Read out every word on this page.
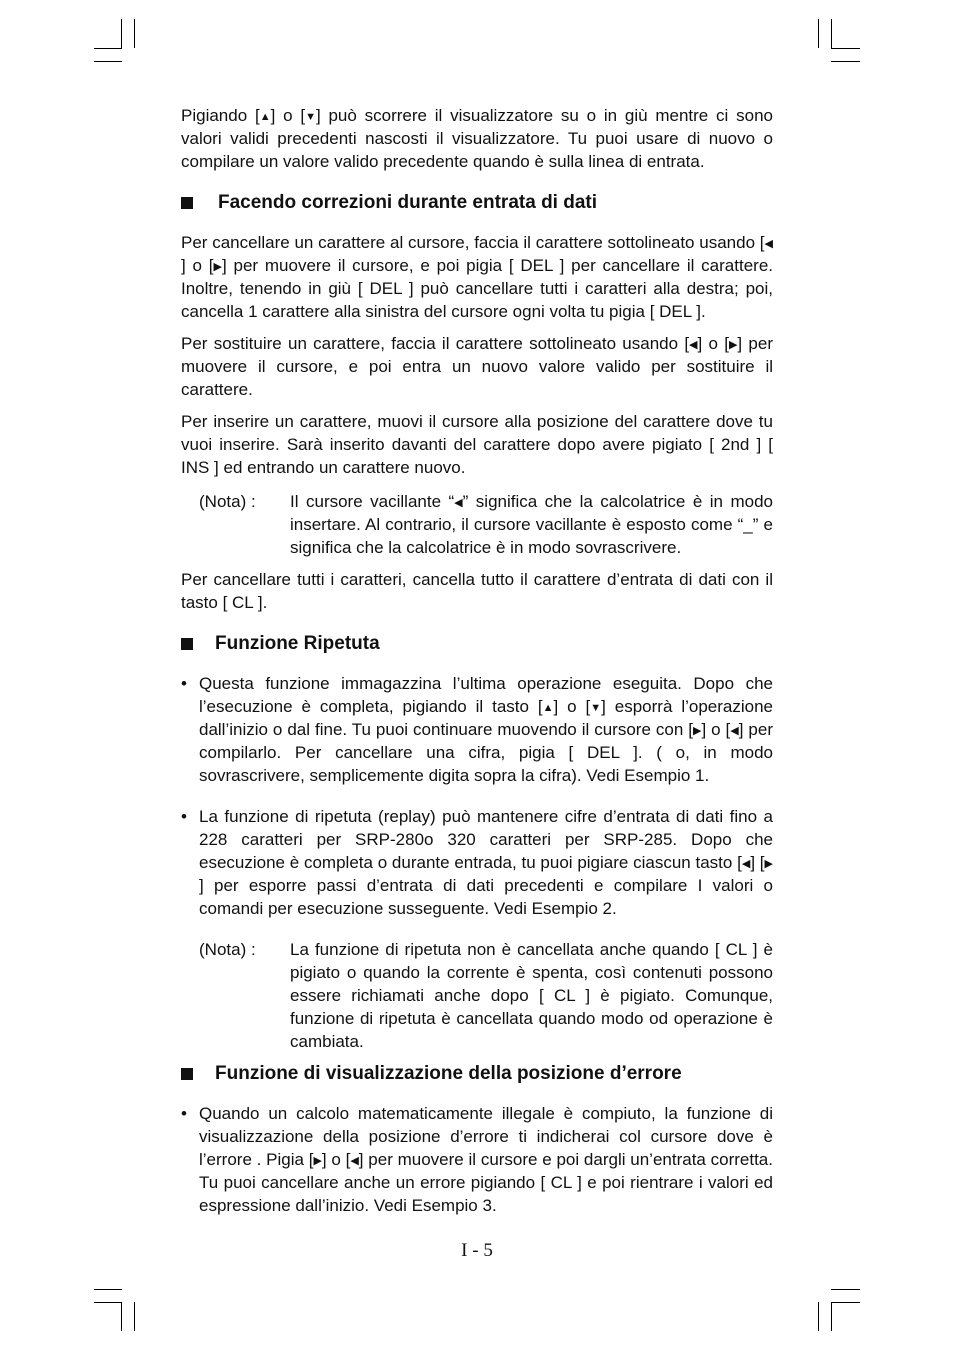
Pigiando [▲] o [▼] può scorrere il visualizzatore su o in giù mentre ci sono valori validi precedenti nascosti il visualizzatore. Tu puoi usare di nuovo o compilare un valore valido precedente quando è sulla linea di entrata.

Facendo correzioni durante entrata di dati

Per cancellare un carattere al cursore, faccia il carattere sottolineato usando [◀] o [▶] per muovere il cursore, e poi pigia [ DEL ] per cancellare il carattere. Inoltre, tenendo in giù [ DEL ] può cancellare tutti i caratteri alla destra; poi, cancella 1 carattere alla sinistra del cursore ogni volta tu pigia [ DEL ].

Per sostituire un carattere, faccia il carattere sottolineato usando [◀] o [▶] per muovere il cursore, e poi entra un nuovo valore valido per sostituire il carattere.

Per inserire un carattere, muovi il cursore alla posizione del carattere dove tu vuoi inserire. Sarà inserito davanti del carattere dopo avere pigiato [ 2nd ] [ INS ] ed entrando un carattere nuovo.

(Nota) :	Il cursore vacillante “◀” significa che la calcolatrice è in modo insertare. Al contrario, il cursore vacillante è esposto come “_” e significa che la calcolatrice è in modo sovrascrivere.

Per cancellare tutti i caratteri, cancella tutto il carattere d’entrata di dati con il tasto [ CL ].

Funzione Ripetuta
• Questa funzione immagazzina l’ultima operazione eseguita. Dopo che l’esecuzione è completa, pigiando il tasto [▲] o [▼] esporrà l’operazione dall’inizio o dal fine. Tu puoi continuare muovendo il cursore con [▶] o [◀] per compilarlo. Per cancellare una cifra, pigia [ DEL ]. ( o, in modo sovrascrivere, semplicemente digita sopra la cifra). Vedi Esempio 1.
• La funzione di ripetuta (replay) può mantenere cifre d’entrata di dati fino a 228 caratteri per SRP-280o 320 caratteri per SRP-285. Dopo che esecuzione è completa o durante entrada, tu puoi pigiare ciascun tasto [◀] [▶] per esporre passi d’entrata di dati precedenti e compilare I valori o comandi per esecuzione susseguente. Vedi Esempio 2.
(Nota) :	La funzione di ripetuta non è cancellata anche quando [ CL ] è pigiato o quando la corrente è spenta, così contenuti possono essere richiamati anche dopo [ CL ] è pigiato. Comunque, funzione di ripetuta è cancellata quando modo od operazione è cambiata.
Funzione di visualizzazione della posizione d’errore
• Quando un calcolo matematicamente illegale è compiuto, la funzione di visualizzazione della posizione d’errore ti indicherai col cursore dove è l’errore . Pigia [▶] o [◀] per muovere il cursore e poi dargli un’entrata corretta. Tu puoi cancellare anche un errore pigiando [ CL ] e poi rientrare i valori ed espressione dall’inizio. Vedi Esempio 3.
I - 5
